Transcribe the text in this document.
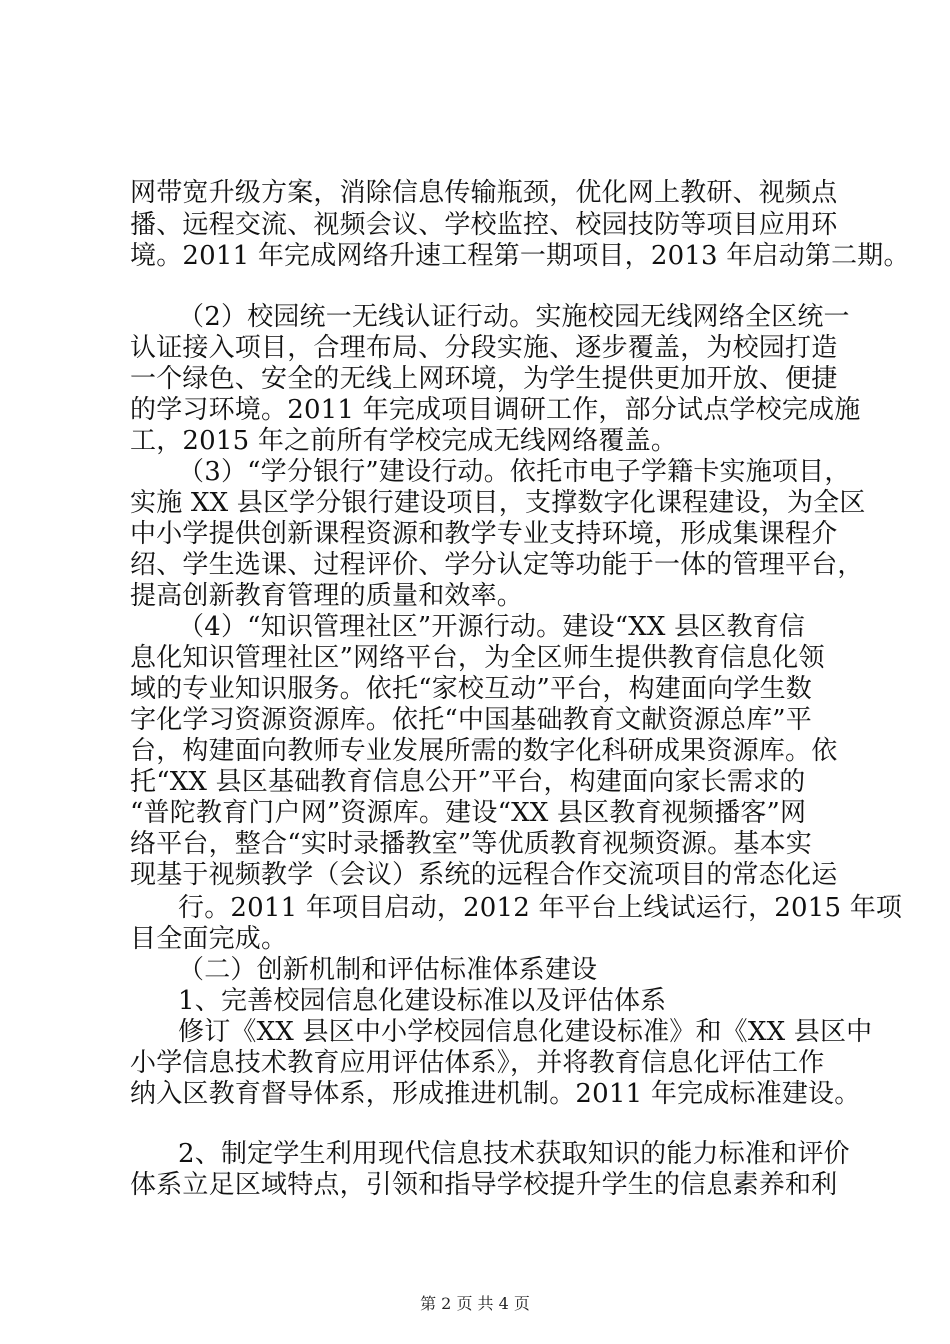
网带宽升级方案，消除信息传输瓶颈，优化网上教研、视频点
播、远程交流、视频会议、学校监控、校园技防等项目应用环
境。2011 年完成网络升速工程第一期项目，2013 年启动第二期。
（2）校园统一无线认证行动。实施校园无线网络全区统一
认证接入项目，合理布局、分段实施、逐步覆盖，为校园打造
一个绿色、安全的无线上网环境，为学生提供更加开放、便捷
的学习环境。2011 年完成项目调研工作，部分试点学校完成施
工，2015 年之前所有学校完成无线网络覆盖。
（3）“学分银行”建设行动。依托市电子学籍卡实施项目，
实施 XX 县区学分银行建设项目，支撑数字化课程建设，为全区
中小学提供创新课程资源和教学专业支持环境，形成集课程介
绍、学生选课、过程评价、学分认定等功能于一体的管理平台，
提高创新教育管理的质量和效率。
（4）“知识管理社区”开源行动。建设“XX 县区教育信
息化知识管理社区”网络平台，为全区师生提供教育信息化领
域的专业知识服务。依托“家校互动”平台，构建面向学生数
字化学习资源资源库。依托“中国基础教育文献资源总库”平
台，构建面向教师专业发展所需的数字化科研成果资源库。依
托“XX 县区基础教育信息公开”平台，构建面向家长需求的
“普陀教育门户网”资源库。建设“XX 县区教育视频播客”网
络平台，整合“实时录播教室”等优质教育视频资源。基本实
现基于视频教学（会议）系统的远程合作交流项目的常态化运
行。2011 年项目启动，2012 年平台上线试运行，2015 年项
目全面完成。
（二）创新机制和评估标准体系建设
1、完善校园信息化建设标准以及评估体系
修订《XX 县区中小学校园信息化建设标准》和《XX 县区中
小学信息技术教育应用评估体系》，并将教育信息化评估工作
纳入区教育督导体系，形成推进机制。2011 年完成标准建设。
2、制定学生利用现代信息技术获取知识的能力标准和评价
体系立足区域特点，引领和指导学校提升学生的信息素养和利
第 2 页 共 4 页
